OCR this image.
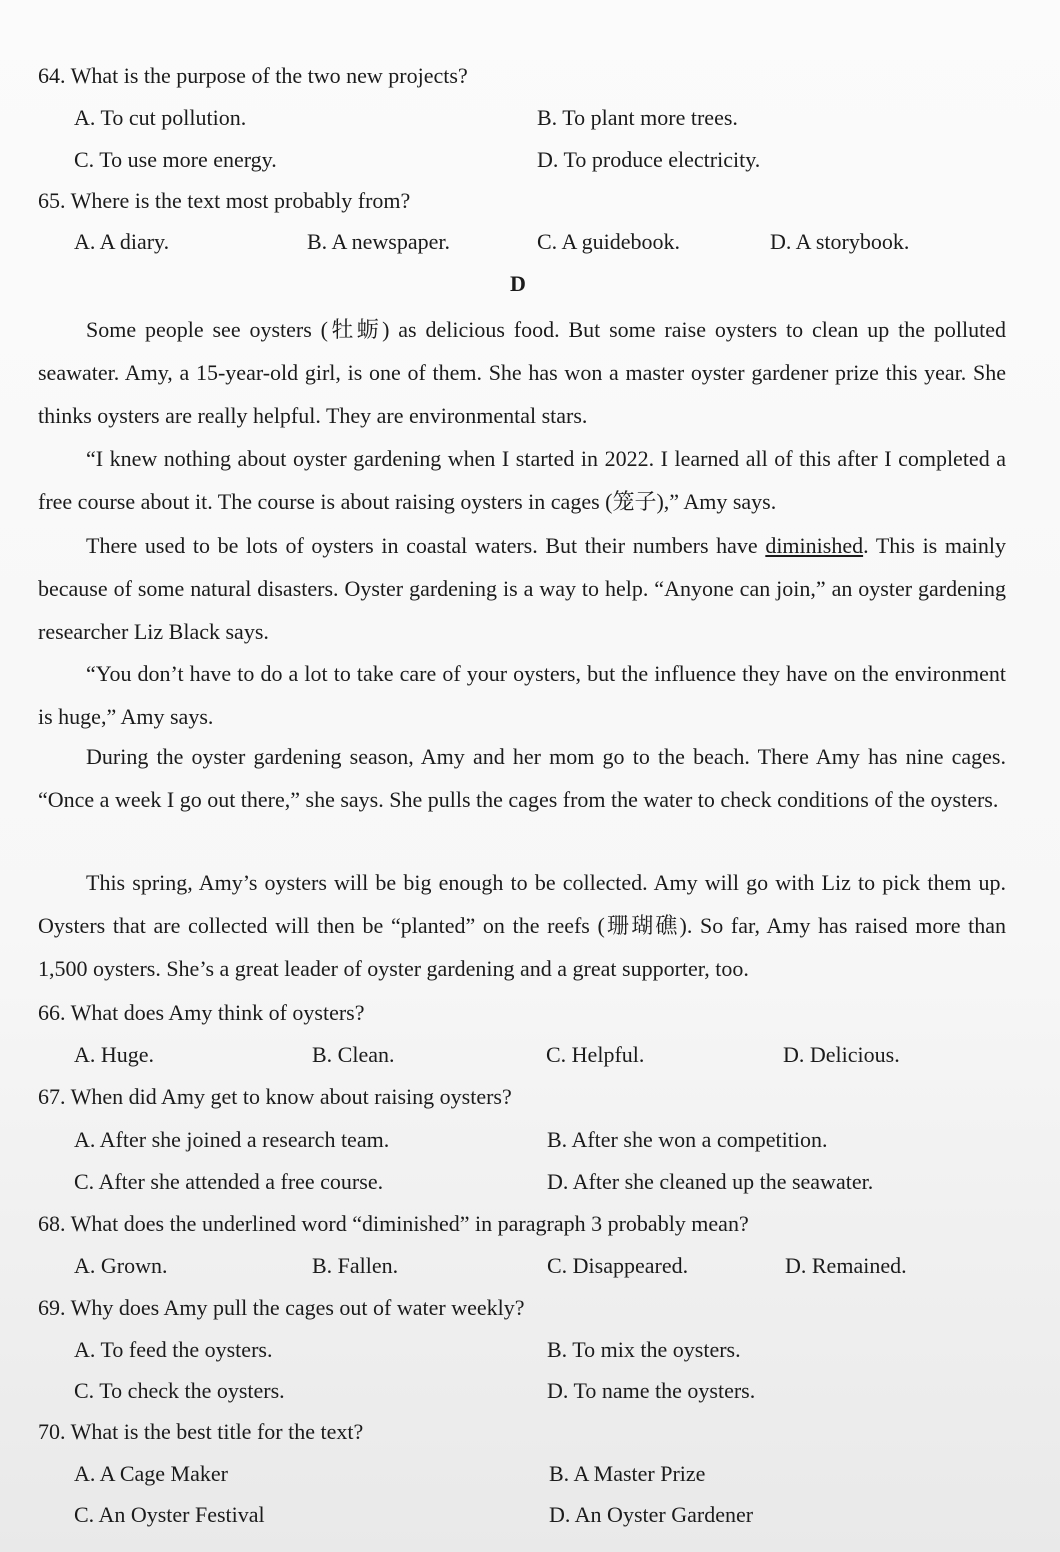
64. What is the purpose of the two new projects?
A. To cut pollution.	B. To plant more trees.
C. To use more energy.	D. To produce electricity.
65. Where is the text most probably from?
A. A diary.	B. A newspaper.	C. A guidebook.	D. A storybook.
D
Some people see oysters (牡蛎) as delicious food. But some raise oysters to clean up the polluted seawater. Amy, a 15-year-old girl, is one of them. She has won a master oyster gardener prize this year. She thinks oysters are really helpful. They are environmental stars.
“I knew nothing about oyster gardening when I started in 2022. I learned all of this after I completed a free course about it. The course is about raising oysters in cages (笼子),” Amy says.
There used to be lots of oysters in coastal waters. But their numbers have diminished. This is mainly because of some natural disasters. Oyster gardening is a way to help. “Anyone can join,” an oyster gardening researcher Liz Black says.
“You don’t have to do a lot to take care of your oysters, but the influence they have on the environment is huge,” Amy says.
During the oyster gardening season, Amy and her mom go to the beach. There Amy has nine cages. “Once a week I go out there,” she says. She pulls the cages from the water to check conditions of the oysters.
This spring, Amy’s oysters will be big enough to be collected. Amy will go with Liz to pick them up. Oysters that are collected will then be “planted” on the reefs (珊瑚礁). So far, Amy has raised more than 1,500 oysters. She’s a great leader of oyster gardening and a great supporter, too.
66. What does Amy think of oysters?
A. Huge.	B. Clean.	C. Helpful.	D. Delicious.
67. When did Amy get to know about raising oysters?
A. After she joined a research team.	B. After she won a competition.
C. After she attended a free course.	D. After she cleaned up the seawater.
68. What does the underlined word “diminished” in paragraph 3 probably mean?
A. Grown.	B. Fallen.	C. Disappeared.	D. Remained.
69. Why does Amy pull the cages out of water weekly?
A. To feed the oysters.	B. To mix the oysters.
C. To check the oysters.	D. To name the oysters.
70. What is the best title for the text?
A. A Cage Maker	B. A Master Prize
C. An Oyster Festival	D. An Oyster Gardener
